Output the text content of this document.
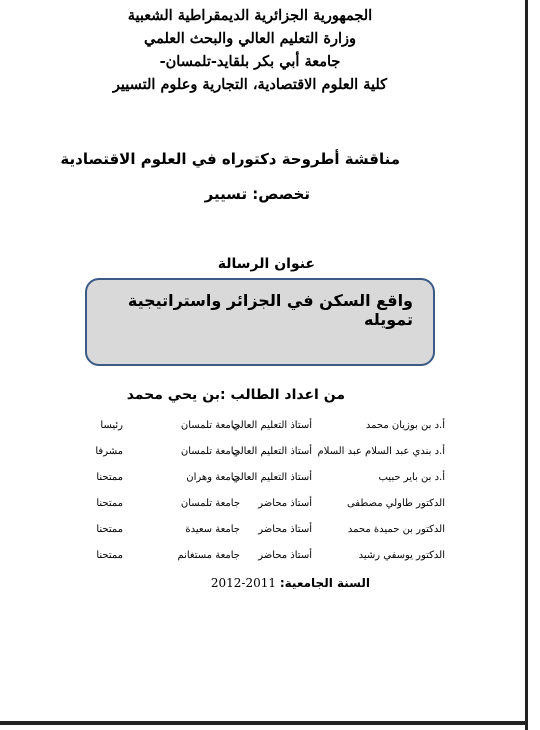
الجمهورية الجزائرية الديمقراطية الشعبية
وزارة التعليم العالي والبحث العلمي
جامعة أبي بكر بلقايد-تلمسان-
كلية العلوم الاقتصادية، التجارية وعلوم التسيير
مناقشة أطروحة دكتوراه في العلوم الاقتصادية
تخصص: تسيير
عنوان الرسالة
واقع السكن في الجزائر واستراتيجية تمويله
من اعداد الطالب :بن يحي محمد
أ.د بن بوزيان محمد
أستاذ التعليم العالي
جامعة تلمسان
رئيسا
أ.د بندي عبد السلام عبد السلام
أستاذ التعليم العالي
جامعة تلمسان
مشرفا
أ.د بن باير حبيب
أستاذ التعليم العالي
جامعة وهران
ممتحنا
الدكتور طاولي مصطفى
أستاذ محاضر
جامعة تلمسان
ممتحنا
الدكتور بن حميدة محمد
أستاذ محاضر
جامعة سعيدة
ممتحنا
الدكتور يوسفي رشيد
أستاذ محاضر
جامعة مستغانم
ممتحنا
السنة الجامعية: 2011-2012
